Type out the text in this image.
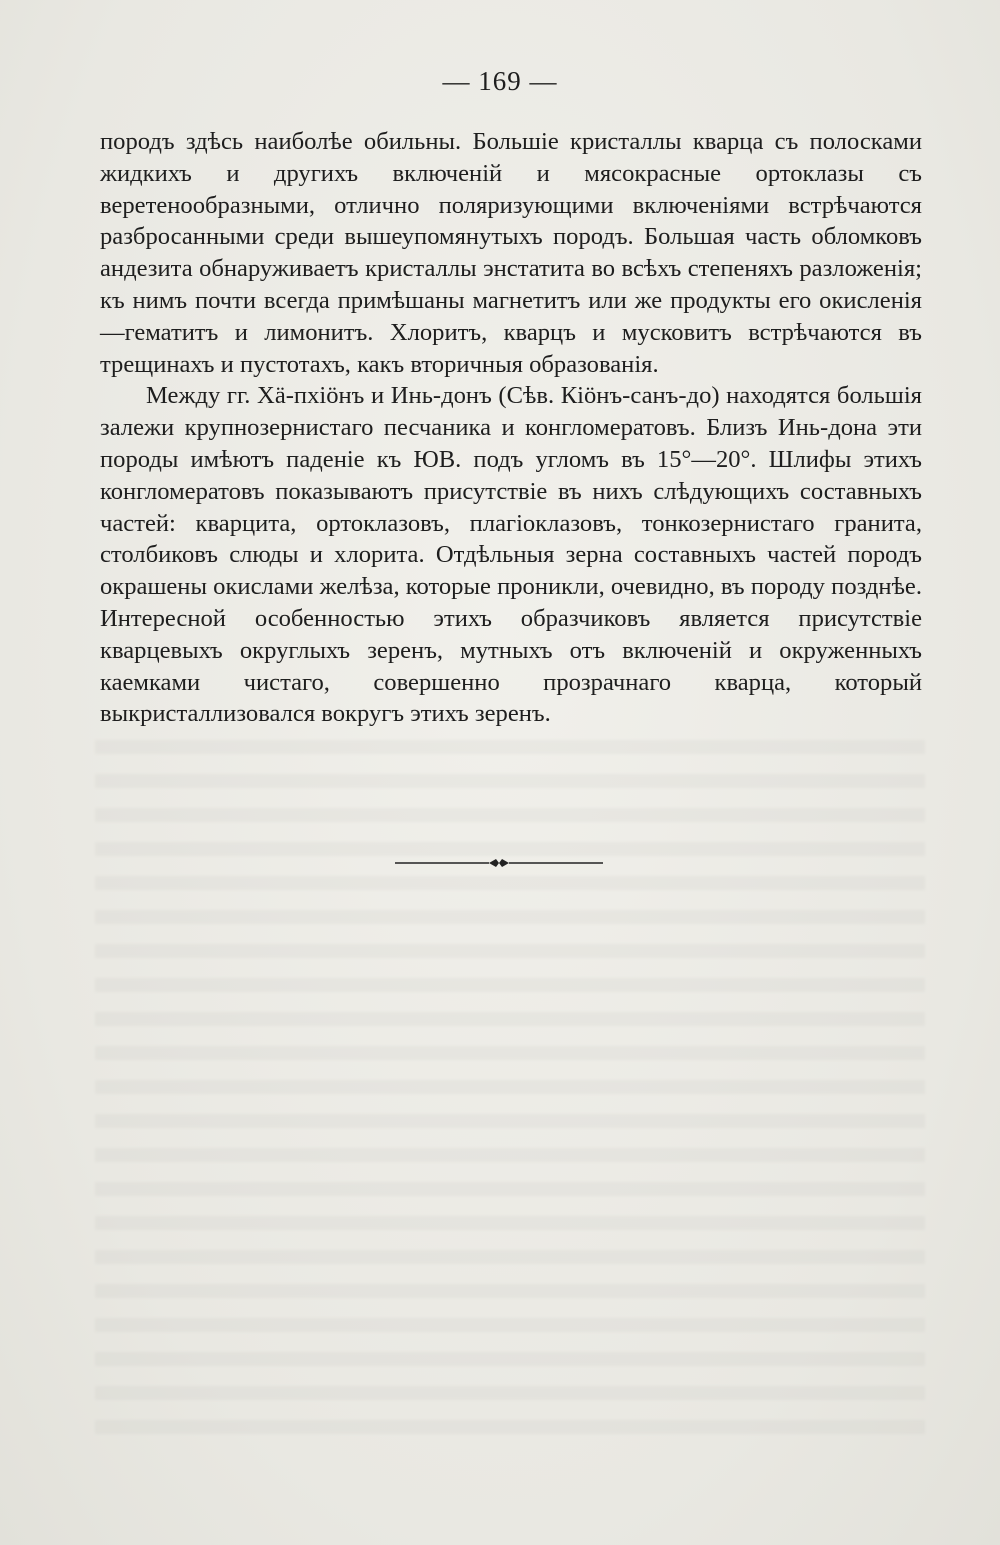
— 169 —

породъ здѣсь наиболѣе обильны. Большіе кристаллы кварца съ полосками жидкихъ и другихъ включеній и мясокрасные ортоклазы съ веретенообразными, отлично поляризующими включеніями встрѣчаются разбросанными среди вышеупомянутыхъ породъ. Большая часть обломковъ андезита обнаруживаетъ кристаллы энстатита во всѣхъ степеняхъ разложенія; къ нимъ почти всегда примѣшаны магнетитъ или же продукты его окисленія—гематитъ и лимонитъ. Хлоритъ, кварцъ и мусковитъ встрѣчаются въ трещинахъ и пустотахъ, какъ вторичныя образованія.

Между гг. Хä-пхіöнъ и Инь-донъ (Сѣв. Кіöнъ-санъ-до) находятся большія залежи крупнозернистаго песчаника и конгломератовъ. Близъ Инь-дона эти породы имѣютъ паденіе къ ЮВ. подъ угломъ въ 15°—20°. Шлифы этихъ конгломератовъ показываютъ присутствіе въ нихъ слѣдующихъ составныхъ частей: кварцита, ортоклазовъ, плагіоклазовъ, тонкозернистаго гранита, столбиковъ слюды и хлорита. Отдѣльныя зерна составныхъ частей породъ окрашены окислами желѣза, которые проникли, очевидно, въ породу позднѣе. Интересной особенностью этихъ образчиковъ является присутствіе кварцевыхъ округлыхъ зеренъ, мутныхъ отъ включеній и окруженныхъ каемками чистаго, совершенно прозрачнаго кварца, который выкристаллизовался вокругъ этихъ зеренъ.
